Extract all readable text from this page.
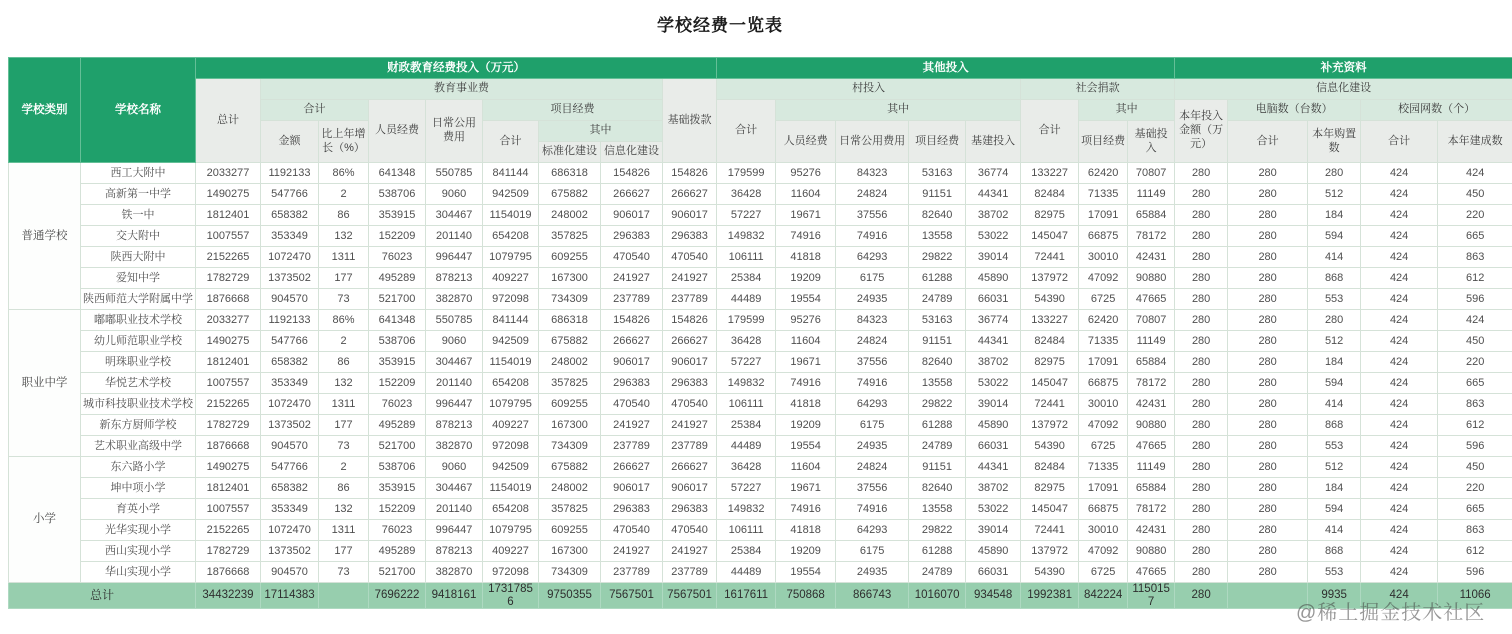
学校经费一览表
学校类别	学校名称	财政教育经费投入（万元）									其他投入								补充资料				
		总计	教育事业费							基础拨款	村投入					社会捐款			信息化建设				
			合计		人员经费	日常公用费用	项目经费				合计	其中				合计	其中		本年投入金额（万元）	电脑数（台数）		校园网数（个）	
			金额	比上年增长（%）			合计	其中				人员经费	日常公用费用	项目经费	基建投入		项目经费	基础投入		合计	本年购置数	合计	本年建成数
								标准化建设	信息化建设														
普通学校	西工大附中	2033277	1192133	86%	641348	550785	841144	686318	154826	154826	179599	95276	84323	53163	36774	133227	62420	70807	280	280	280	424	424
	高新第一中学	1490275	547766	2	538706	9060	942509	675882	266627	266627	36428	11604	24824	91151	44341	82484	71335	11149	280	280	512	424	450
	铁一中	1812401	658382	86	353915	304467	1154019	248002	906017	906017	57227	19671	37556	82640	38702	82975	17091	65884	280	280	184	424	220
	交大附中	1007557	353349	132	152209	201140	654208	357825	296383	296383	149832	74916	74916	13558	53022	145047	66875	78172	280	280	594	424	665
	陕西大附中	2152265	1072470	1311	76023	996447	1079795	609255	470540	470540	106111	41818	64293	29822	39014	72441	30010	42431	280	280	414	424	863
	爱知中学	1782729	1373502	177	495289	878213	409227	167300	241927	241927	25384	19209	6175	61288	45890	137972	47092	90880	280	280	868	424	612
	陕西师范大学附属中学	1876668	904570	73	521700	382870	972098	734309	237789	237789	44489	19554	24935	24789	66031	54390	6725	47665	280	280	553	424	596
职业中学	嘟嘟职业技术学校	2033277	1192133	86%	641348	550785	841144	686318	154826	154826	179599	95276	84323	53163	36774	133227	62420	70807	280	280	280	424	424
	幼儿师范职业学校	1490275	547766	2	538706	9060	942509	675882	266627	266627	36428	11604	24824	91151	44341	82484	71335	11149	280	280	512	424	450
	明珠职业学校	1812401	658382	86	353915	304467	1154019	248002	906017	906017	57227	19671	37556	82640	38702	82975	17091	65884	280	280	184	424	220
	华悦艺术学校	1007557	353349	132	152209	201140	654208	357825	296383	296383	149832	74916	74916	13558	53022	145047	66875	78172	280	280	594	424	665
	城市科技职业技术学校	2152265	1072470	1311	76023	996447	1079795	609255	470540	470540	106111	41818	64293	29822	39014	72441	30010	42431	280	280	414	424	863
	新东方厨师学校	1782729	1373502	177	495289	878213	409227	167300	241927	241927	25384	19209	6175	61288	45890	137972	47092	90880	280	280	868	424	612
	艺术职业高级中学	1876668	904570	73	521700	382870	972098	734309	237789	237789	44489	19554	24935	24789	66031	54390	6725	47665	280	280	553	424	596
小学	东六路小学	1490275	547766	2	538706	9060	942509	675882	266627	266627	36428	11604	24824	91151	44341	82484	71335	11149	280	280	512	424	450
	坤中项小学	1812401	658382	86	353915	304467	1154019	248002	906017	906017	57227	19671	37556	82640	38702	82975	17091	65884	280	280	184	424	220
	育英小学	1007557	353349	132	152209	201140	654208	357825	296383	296383	149832	74916	74916	13558	53022	145047	66875	78172	280	280	594	424	665
	光华实现小学	2152265	1072470	1311	76023	996447	1079795	609255	470540	470540	106111	41818	64293	29822	39014	72441	30010	42431	280	280	414	424	863
	西山实现小学	1782729	1373502	177	495289	878213	409227	167300	241927	241927	25384	19209	6175	61288	45890	137972	47092	90880	280	280	868	424	612
	华山实现小学	1876668	904570	73	521700	382870	972098	734309	237789	237789	44489	19554	24935	24789	66031	54390	6725	47665	280	280	553	424	596
总计		34432239	17114383		7696222	9418161	17317856	9750355	7567501	7567501	1617611	750868	866743	1016070	934548	1992381	842224	1150157	280		9935	424	11066
@稀土掘金技术社区
